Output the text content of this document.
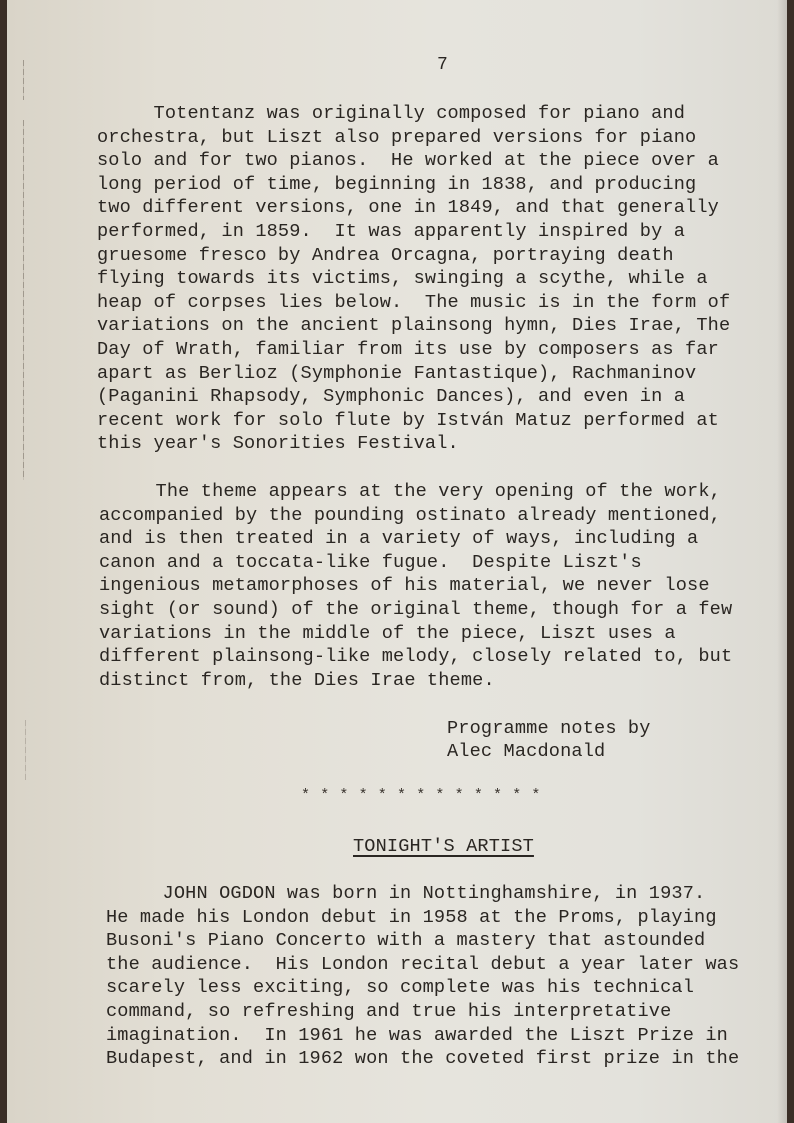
7
Totentanz was originally composed for piano and
orchestra, but Liszt also prepared versions for piano
solo and for two pianos.  He worked at the piece over a
long period of time, beginning in 1838, and producing
two different versions, one in 1849, and that generally
performed, in 1859.  It was apparently inspired by a
gruesome fresco by Andrea Orcagna, portraying death
flying towards its victims, swinging a scythe, while a
heap of corpses lies below.  The music is in the form of
variations on the ancient plainsong hymn, Dies Irae, The
Day of Wrath, familiar from its use by composers as far
apart as Berlioz (Symphonie Fantastique), Rachmaninov
(Paganini Rhapsody, Symphonic Dances), and even in a
recent work for solo flute by István Matuz performed at
this year's Sonorities Festival.
The theme appears at the very opening of the work,
accompanied by the pounding ostinato already mentioned,
and is then treated in a variety of ways, including a
canon and a toccata-like fugue.  Despite Liszt's
ingenious metamorphoses of his material, we never lose
sight (or sound) of the original theme, though for a few
variations in the middle of the piece, Liszt uses a
different plainsong-like melody, closely related to, but
distinct from, the Dies Irae theme.
Programme notes by
Alec Macdonald
* * * * * * * * * * * * *
TONIGHT'S ARTIST
JOHN OGDON was born in Nottinghamshire, in 1937.
He made his London debut in 1958 at the Proms, playing
Busoni's Piano Concerto with a mastery that astounded
the audience.  His London recital debut a year later was
scarely less exciting, so complete was his technical
command, so refreshing and true his interpretative
imagination.  In 1961 he was awarded the Liszt Prize in
Budapest, and in 1962 won the coveted first prize in the
